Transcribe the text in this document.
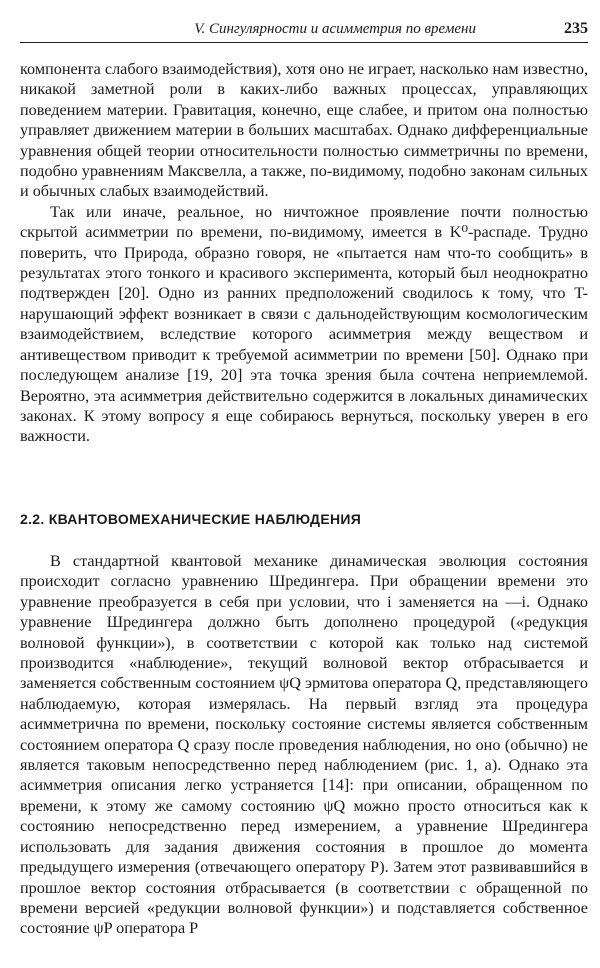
V. Сингулярности и асимметрия по времени	235

компонента слабого взаимодействия), хотя оно не играет, насколько нам известно, никакой заметной роли в каких-либо важных процессах, управляющих поведением материи. Гравитация, конечно, еще слабее, и притом она полностью управляет движением материи в больших масштабах. Однако дифференциальные уравнения общей теории относительности полностью симметричны по времени, подобно уравнениям Максвелла, а также, по-видимому, подобно законам сильных и обычных слабых взаимодействий.

Так или иначе, реальное, но ничтожное проявление почти полностью скрытой асимметрии по времени, по-видимому, имеется в K⁰-распаде. Трудно поверить, что Природа, образно говоря, не «пытается нам что-то сообщить» в результатах этого тонкого и красивого эксперимента, который был неоднократно подтвержден [20]. Одно из ранних предположений сводилось к тому, что T-нарушающий эффект возникает в связи с дальнодействующим космологическим взаимодействием, вследствие которого асимметрия между веществом и антивеществом приводит к требуемой асимметрии по времени [50]. Однако при последующем анализе [19, 20] эта точка зрения была сочтена неприемлемой. Вероятно, эта асимметрия действительно содержится в локальных динамических законах. К этому вопросу я еще собираюсь вернуться, поскольку уверен в его важности.

2.2. КВАНТОВОМЕХАНИЧЕСКИЕ НАБЛЮДЕНИЯ

В стандартной квантовой механике динамическая эволюция состояния происходит согласно уравнению Шредингера. При обращении времени это уравнение преобразуется в себя при условии, что i заменяется на —i. Однако уравнение Шредингера должно быть дополнено процедурой («редукция волновой функции»), в соответствии с которой как только над системой производится «наблюдение», текущий волновой вектор отбрасывается и заменяется собственным состоянием ψQ эрмитова оператора Q, представляющего наблюдаемую, которая измерялась. На первый взгляд эта процедура асимметрична по времени, поскольку состояние системы является собственным состоянием оператора Q сразу после проведения наблюдения, но оно (обычно) не является таковым непосредственно перед наблюдением (рис. 1, a). Однако эта асимметрия описания легко устраняется [14]: при описании, обращенном по времени, к этому же самому состоянию ψQ можно просто относиться как к состоянию непосредственно перед измерением, а уравнение Шредингера использовать для задания движения состояния в прошлое до момента предыдущего измерения (отвечающего оператору P). Затем этот развивавшийся в прошлое вектор состояния отбрасывается (в соответствии с обращенной по времени версией «редукции волновой функции») и подставляется собственное состояние ψP оператора P
